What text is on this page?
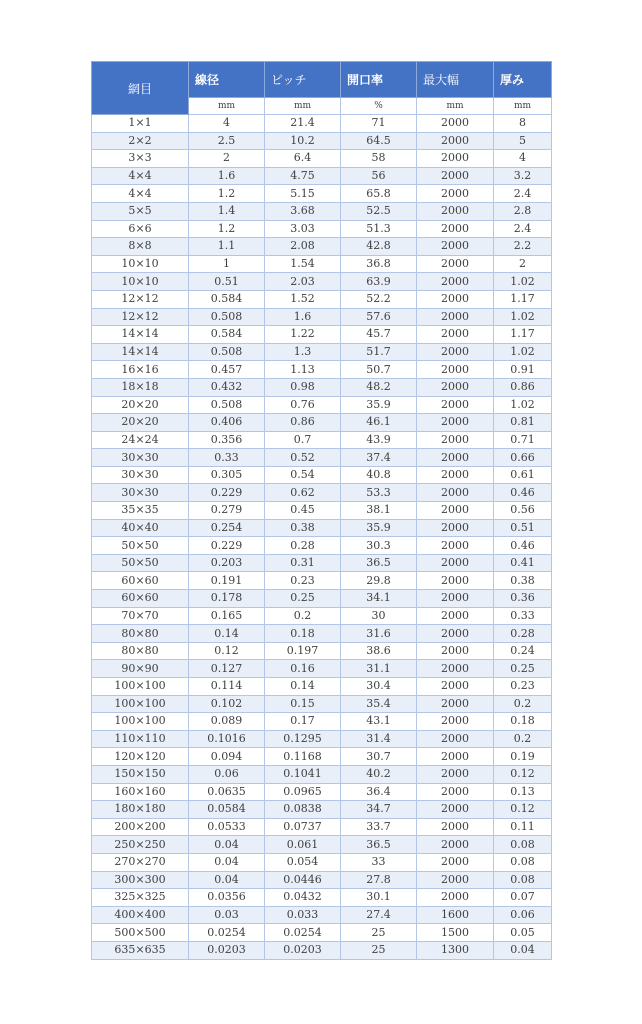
網目	線径	ピッチ	開口率	最大幅	厚み
	mm	mm	%	mm	mm
1×1	4	21.4	71	2000	8
2×2	2.5	10.2	64.5	2000	5
3×3	2	6.4	58	2000	4
4×4	1.6	4.75	56	2000	3.2
4×4	1.2	5.15	65.8	2000	2.4
5×5	1.4	3.68	52.5	2000	2.8
6×6	1.2	3.03	51.3	2000	2.4
8×8	1.1	2.08	42.8	2000	2.2
10×10	1	1.54	36.8	2000	2
10×10	0.51	2.03	63.9	2000	1.02
12×12	0.584	1.52	52.2	2000	1.17
12×12	0.508	1.6	57.6	2000	1.02
14×14	0.584	1.22	45.7	2000	1.17
14×14	0.508	1.3	51.7	2000	1.02
16×16	0.457	1.13	50.7	2000	0.91
18×18	0.432	0.98	48.2	2000	0.86
20×20	0.508	0.76	35.9	2000	1.02
20×20	0.406	0.86	46.1	2000	0.81
24×24	0.356	0.7	43.9	2000	0.71
30×30	0.33	0.52	37.4	2000	0.66
30×30	0.305	0.54	40.8	2000	0.61
30×30	0.229	0.62	53.3	2000	0.46
35×35	0.279	0.45	38.1	2000	0.56
40×40	0.254	0.38	35.9	2000	0.51
50×50	0.229	0.28	30.3	2000	0.46
50×50	0.203	0.31	36.5	2000	0.41
60×60	0.191	0.23	29.8	2000	0.38
60×60	0.178	0.25	34.1	2000	0.36
70×70	0.165	0.2	30	2000	0.33
80×80	0.14	0.18	31.6	2000	0.28
80×80	0.12	0.197	38.6	2000	0.24
90×90	0.127	0.16	31.1	2000	0.25
100×100	0.114	0.14	30.4	2000	0.23
100×100	0.102	0.15	35.4	2000	0.2
100×100	0.089	0.17	43.1	2000	0.18
110×110	0.1016	0.1295	31.4	2000	0.2
120×120	0.094	0.1168	30.7	2000	0.19
150×150	0.06	0.1041	40.2	2000	0.12
160×160	0.0635	0.0965	36.4	2000	0.13
180×180	0.0584	0.0838	34.7	2000	0.12
200×200	0.0533	0.0737	33.7	2000	0.11
250×250	0.04	0.061	36.5	2000	0.08
270×270	0.04	0.054	33	2000	0.08
300×300	0.04	0.0446	27.8	2000	0.08
325×325	0.0356	0.0432	30.1	2000	0.07
400×400	0.03	0.033	27.4	1600	0.06
500×500	0.0254	0.0254	25	1500	0.05
635×635	0.0203	0.0203	25	1300	0.04
